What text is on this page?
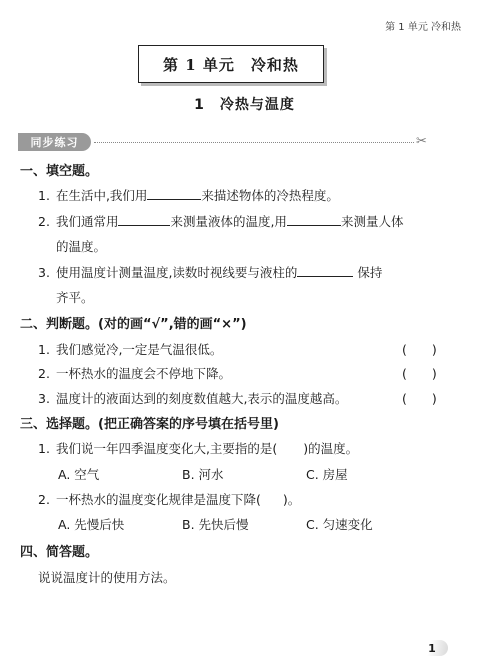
第 1 单元 冷和热
第 1 单元　冷和热
1　冷热与温度
同步练习	✂
一、填空题。
1. 在生活中,我们用	来描述物体的冷热程度。
2. 我们通常用	来测量液体的温度,用	来测量人体
的温度。
3. 使用温度计测量温度,读数时视线要与液柱的	保持
齐平。
二、判断题。(对的画“√”,错的画“×”)
1. 我们感觉冷,一定是气温很低。	(　　)
2. 一杯热水的温度会不停地下降。	(　　)
3. 温度计的液面达到的刻度数值越大,表示的温度越高。	(　　)
三、选择题。(把正确答案的序号填在括号里)
1. 我们说一年四季温度变化大,主要指的是( )的温度。
A. 空气	B. 河水	C. 房屋
2. 一杯热水的温度变化规律是温度下降( )。
A. 先慢后快	B. 先快后慢	C. 匀速变化
四、简答题。
说说温度计的使用方法。
1
